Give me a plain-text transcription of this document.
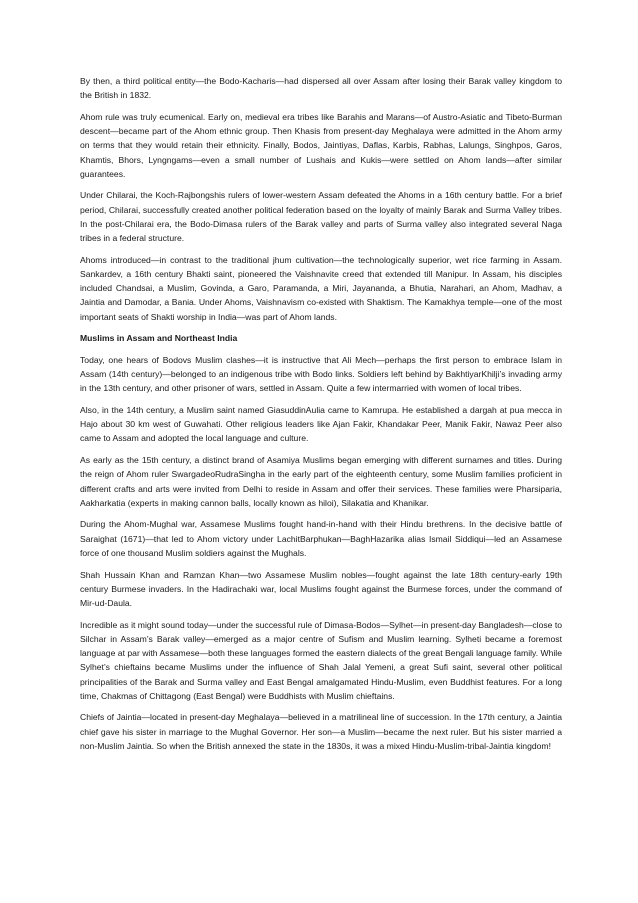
By then, a third political entity—the Bodo-Kacharis—had dispersed all over Assam after losing their Barak valley kingdom to the British in 1832.

Ahom rule was truly ecumenical. Early on, medieval era tribes like Barahis and Marans—of Austro-Asiatic and Tibeto-Burman descent—became part of the Ahom ethnic group. Then Khasis from present-day Meghalaya were admitted in the Ahom army on terms that they would retain their ethnicity. Finally, Bodos, Jaintiyas, Daflas, Karbis, Rabhas, Lalungs, Singhpos, Garos, Khamtis, Bhors, Lyngngams—even a small number of Lushais and Kukis—were settled on Ahom lands—after similar guarantees.

Under Chilarai, the Koch-Rajbongshis rulers of lower-western Assam defeated the Ahoms in a 16th century battle. For a brief period, Chilarai, successfully created another political federation based on the loyalty of mainly Barak and Surma Valley tribes. In the post-Chilarai era, the Bodo-Dimasa rulers of the Barak valley and parts of Surma valley also integrated several Naga tribes in a federal structure.

Ahoms introduced—in contrast to the traditional jhum cultivation—the technologically superior, wet rice farming in Assam. Sankardev, a 16th century Bhakti saint, pioneered the Vaishnavite creed that extended till Manipur. In Assam, his disciples included Chandsai, a Muslim, Govinda, a Garo, Paramanda, a Miri, Jayananda, a Bhutia, Narahari, an Ahom, Madhav, a Jaintia and Damodar, a Bania. Under Ahoms, Vaishnavism co-existed with Shaktism. The Kamakhya temple—one of the most important seats of Shakti worship in India—was part of Ahom lands.

Muslims in Assam and Northeast India

Today, one hears of Bodovs Muslim clashes—it is instructive that Ali Mech—perhaps the first person to embrace Islam in Assam (14th century)—belonged to an indigenous tribe with Bodo links. Soldiers left behind by BakhtiyarKhilji’s invading army in the 13th century, and other prisoner of wars, settled in Assam. Quite a few intermarried with women of local tribes.

Also, in the 14th century, a Muslim saint named GiasuddinAulia came to Kamrupa. He established a dargah at pua mecca in Hajo about 30 km west of Guwahati. Other religious leaders like Ajan Fakir, Khandakar Peer, Manik Fakir, Nawaz Peer also came to Assam and adopted the local language and culture.

As early as the 15th century, a distinct brand of Asamiya Muslims began emerging with different surnames and titles. During the reign of Ahom ruler SwargadeoRudraSingha in the early part of the eighteenth century, some Muslim families proficient in different crafts and arts were invited from Delhi to reside in Assam and offer their services. These families were Pharsiparia, Aakharkatia (experts in making cannon balls, locally known as hiloi), Silakatia and Khanikar.

During the Ahom-Mughal war, Assamese Muslims fought hand-in-hand with their Hindu brethrens. In the decisive battle of Saraighat (1671)—that led to Ahom victory under LachitBarphukan—BaghHazarika alias Ismail Siddiqui—led an Assamese force of one thousand Muslim soldiers against the Mughals.

Shah Hussain Khan and Ramzan Khan—two Assamese Muslim nobles—fought against the late 18th century-early 19th century Burmese invaders. In the Hadirachaki war, local Muslims fought against the Burmese forces, under the command of Mir-ud-Daula.

Incredible as it might sound today—under the successful rule of Dimasa-Bodos—Sylhet—in present-day Bangladesh—close to Silchar in Assam’s Barak valley—emerged as a major centre of Sufism and Muslim learning. Sylheti became a foremost language at par with Assamese—both these languages formed the eastern dialects of the great Bengali language family. While Sylhet’s chieftains became Muslims under the influence of Shah Jalal Yemeni, a great Sufi saint, several other political principalities of the Barak and Surma valley and East Bengal amalgamated Hindu-Muslim, even Buddhist features. For a long time, Chakmas of Chittagong (East Bengal) were Buddhists with Muslim chieftains.

Chiefs of Jaintia—located in present-day Meghalaya—believed in a matrilineal line of succession. In the 17th century, a Jaintia chief gave his sister in marriage to the Mughal Governor. Her son—a Muslim—became the next ruler. But his sister married a non-Muslim Jaintia. So when the British annexed the state in the 1830s, it was a mixed Hindu-Muslim-tribal-Jaintia kingdom!
